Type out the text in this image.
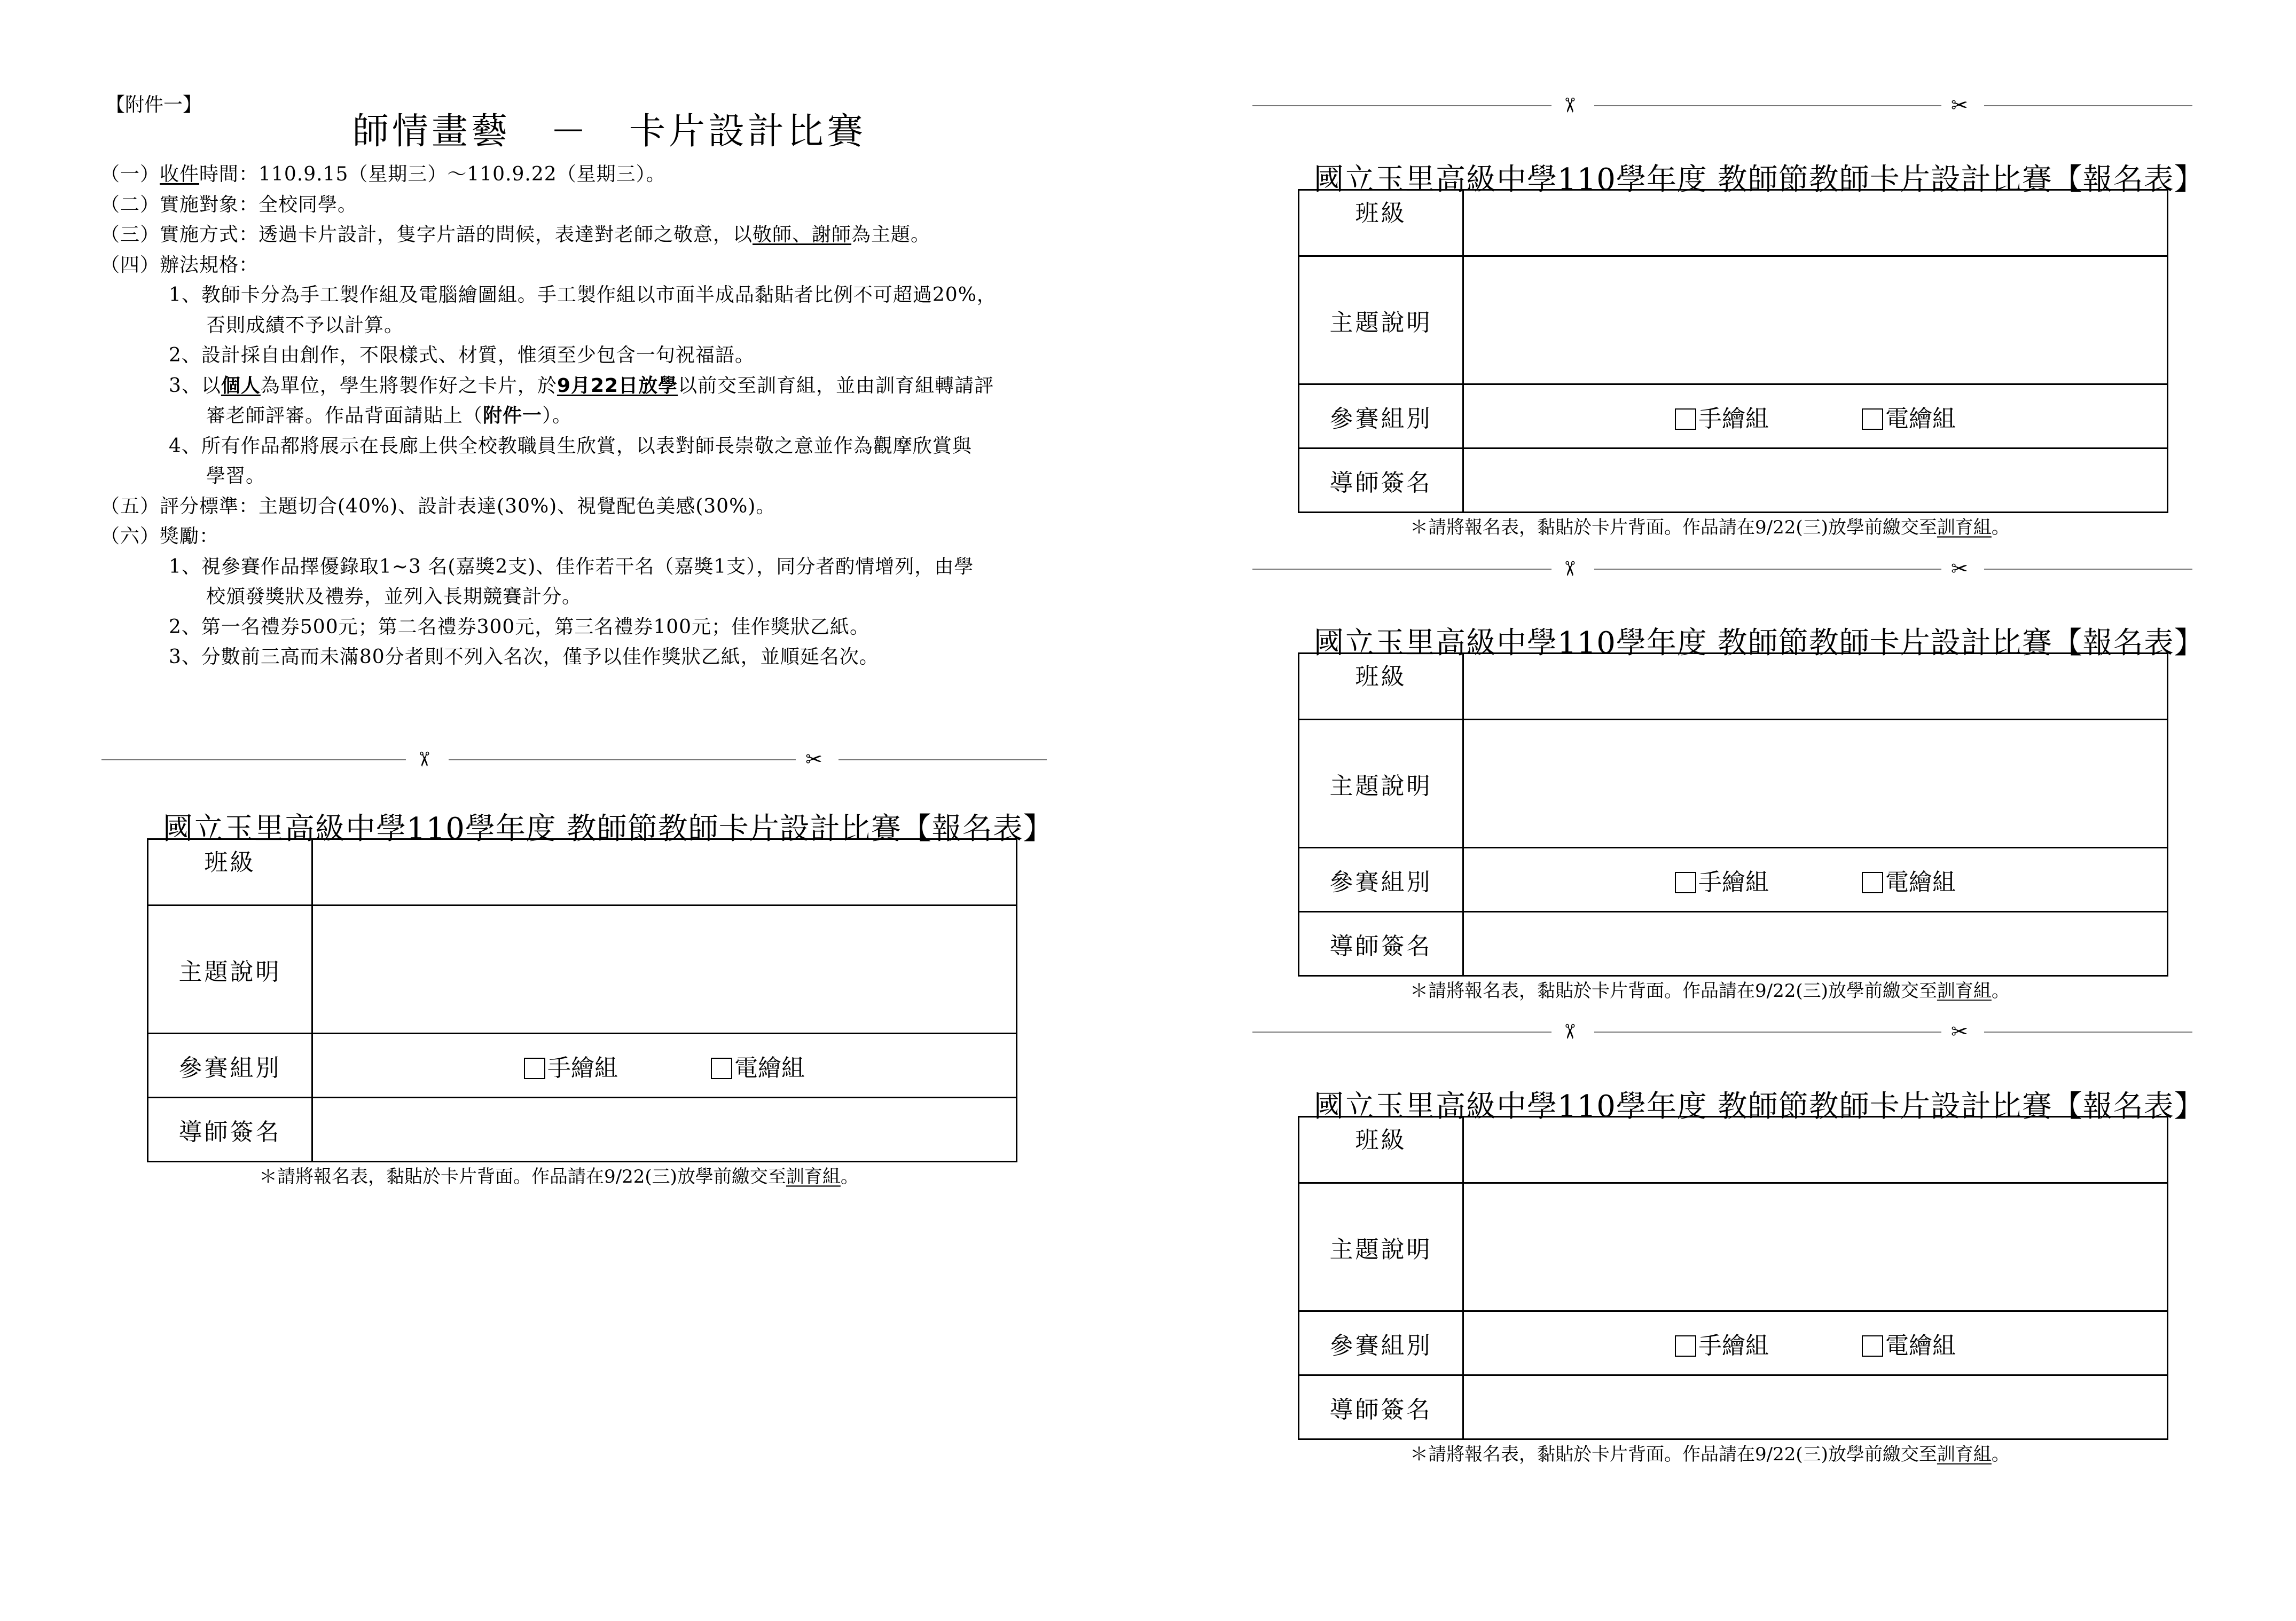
【附件一】
師情畫藝　－　卡片設計比賽
（一）收件時間：110.9.15（星期三）～110.9.22（星期三）。
（二）實施對象：全校同學。
（三）實施方式：透過卡片設計，隻字片語的問候，表達對老師之敬意，以敬師、謝師為主題。
（四）辦法規格：
1、教師卡分為手工製作組及電腦繪圖組。手工製作組以市面半成品黏貼者比例不可超過20%，
否則成績不予以計算。
2、設計採自由創作，不限樣式、材質，惟須至少包含一句祝福語。
3、以個人為單位，學生將製作好之卡片，於9月22日放學以前交至訓育組，並由訓育組轉請評
審老師評審。作品背面請貼上（附件一）。
4、所有作品都將展示在長廊上供全校教職員生欣賞，以表對師長崇敬之意並作為觀摩欣賞與
學習。
（五）評分標準：主題切合(40%)、設計表達(30%)、視覺配色美感(30%)。
（六）獎勵：
1、視參賽作品擇優錄取1~3 名(嘉獎2支)、佳作若干名（嘉獎1支），同分者酌情增列，由學
校頒發獎狀及禮券，並列入長期競賽計分。
2、第一名禮券500元；第二名禮券300元，第三名禮券100元；佳作獎狀乙紙。
3、分數前三高而未滿80分者則不列入名次，僅予以佳作獎狀乙紙，並順延名次。
✂	✂
國立玉里高級中學110學年度 教師節教師卡片設計比賽【報名表】
班級	
主題說明	
參賽組別	手繪組 電繪組
導師簽名	
＊請將報名表，黏貼於卡片背面。作品請在9/22(三)放學前繳交至訓育組。
✂	✂
國立玉里高級中學110學年度 教師節教師卡片設計比賽【報名表】
班級	
主題說明	
參賽組別	手繪組 電繪組
導師簽名	
＊請將報名表，黏貼於卡片背面。作品請在9/22(三)放學前繳交至訓育組。
✂	✂
國立玉里高級中學110學年度 教師節教師卡片設計比賽【報名表】
班級	
主題說明	
參賽組別	手繪組 電繪組
導師簽名	
＊請將報名表，黏貼於卡片背面。作品請在9/22(三)放學前繳交至訓育組。
✂	✂
國立玉里高級中學110學年度 教師節教師卡片設計比賽【報名表】
班級	
主題說明	
參賽組別	手繪組 電繪組
導師簽名	
＊請將報名表，黏貼於卡片背面。作品請在9/22(三)放學前繳交至訓育組。
